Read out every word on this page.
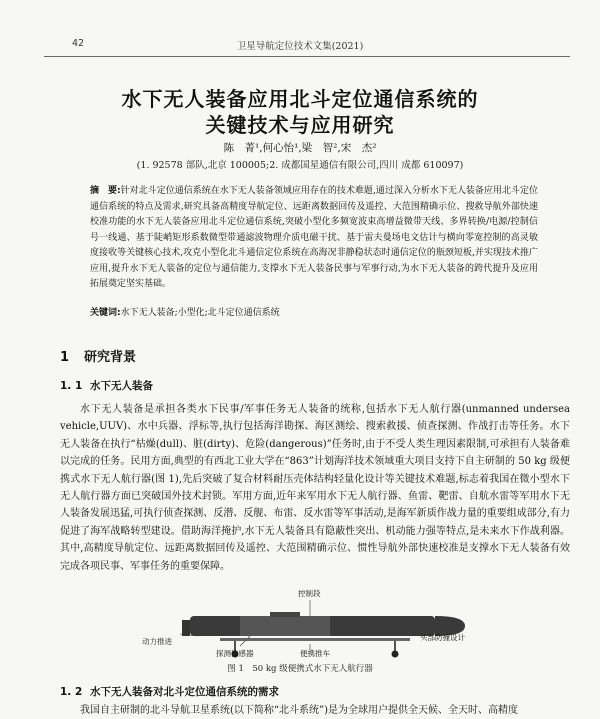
42	卫星导航定位技术文集(2021)
水下无人装备应用北斗定位通信系统的
关键技术与应用研究
陈　菁¹,何心怡¹,梁　智²,宋　杰²
(1. 92578 部队,北京 100005;2. 成都国星通信有限公司,四川 成都 610097)
摘　要:针对北斗定位通信系统在水下无人装备领域应用存在的技术难题,通过深入分析水下无人装备应用北斗定位通信系统的特点及需求,研究具备高精度导航定位、远距离数据回传及遥控、大范围精确示位、搜救导航外部快速校准功能的水下无人装备应用北斗定位通信系统,突破小型化多频宽波束高增益微带天线、多界转换/电源/控制信号一线通、基于陡峭矩形系数微型带通滤波物理介质电磁干扰、基于雷夫曼场电文估计与横向零宽控制的高灵敏度接收等关键核心技术,攻克小型化北斗通信定位系统在高海况非静稳状态时通信定位的瓶颈短板,并实现技术推广应用,提升水下无人装备的定位与通信能力,支撑水下无人装备民事与军事行动,为水下无人装备的跨代提升及应用拓展奠定坚实基础。
关键词:水下无人装备;小型化;北斗定位通信系统
1 研究背景
1. 1 水下无人装备

水下无人装备是承担各类水下民事/军事任务无人装备的统称,包括水下无人航行器(unmanned undersea vehicle,UUV)、水中兵器、浮标等,执行包括海洋勘探、海区测绘、搜索救援、侦查探测、作战打击等任务。水下无人装备在执行“枯燥(dull)、脏(dirty)、危险(dangerous)”任务时,由于不受人类生理因素限制,可承担有人装备难以完成的任务。民用方面,典型的有西北工业大学在“863”计划海洋技术领域重大项目支持下自主研制的 50 kg 级便携式水下无人航行器(图 1),先后突破了复合材料耐压壳体结构轻量化设计等关键技术难题,标志着我国在微小型水下无人航行器方面已突破国外技术封锁。军用方面,近年来军用水下无人航行器、鱼雷、靶雷、自航水雷等军用水下无人装备发展迅猛,可执行侦查探测、反潜、反舰、布雷、反水雷等军事活动,是海军新质作战力量的重要组成部分,有力促进了海军战略转型建设。借助海洋掩护,水下无人装备具有隐蔽性突出、机动能力强等特点,是未来水下作战利器。其中,高精度导航定位、远距离数据回传及遥控、大范围精确示位、惯性导航外部快速校准是支撑水下无人装备有效完成各项民事、军事任务的重要保障。

控制段
动力推进
探测传感器	便携推车
头部防撞设计
图 1　50 kg 级便携式水下无人航行器
1. 2 水下无人装备对北斗定位通信系统的需求

我国自主研制的北斗导航卫星系统(以下简称“北斗系统”)是为全球用户提供全天候、全天时、高精度
